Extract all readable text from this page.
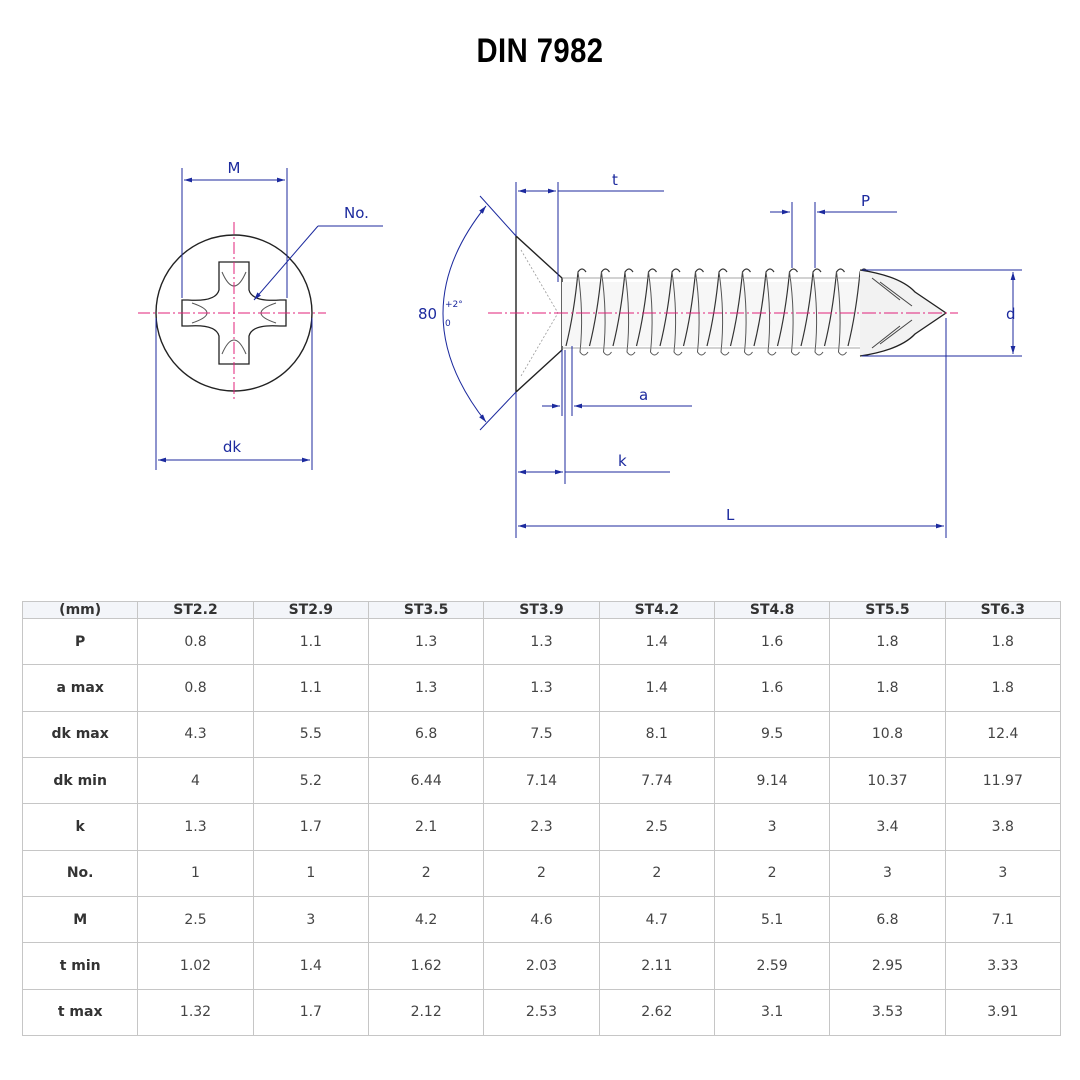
DIN 7982
M
No.
dk
80 +2°
0
t
P
d
a
k
L
(mm)	ST2.2	ST2.9	ST3.5	ST3.9	ST4.2	ST4.8	ST5.5	ST6.3
P	0.8	1.1	1.3	1.3	1.4	1.6	1.8	1.8
a max	0.8	1.1	1.3	1.3	1.4	1.6	1.8	1.8
dk max	4.3	5.5	6.8	7.5	8.1	9.5	10.8	12.4
dk min	4	5.2	6.44	7.14	7.74	9.14	10.37	11.97
k	1.3	1.7	2.1	2.3	2.5	3	3.4	3.8
No.	1	1	2	2	2	2	3	3
M	2.5	3	4.2	4.6	4.7	5.1	6.8	7.1
t min	1.02	1.4	1.62	2.03	2.11	2.59	2.95	3.33
t max	1.32	1.7	2.12	2.53	2.62	3.1	3.53	3.91
